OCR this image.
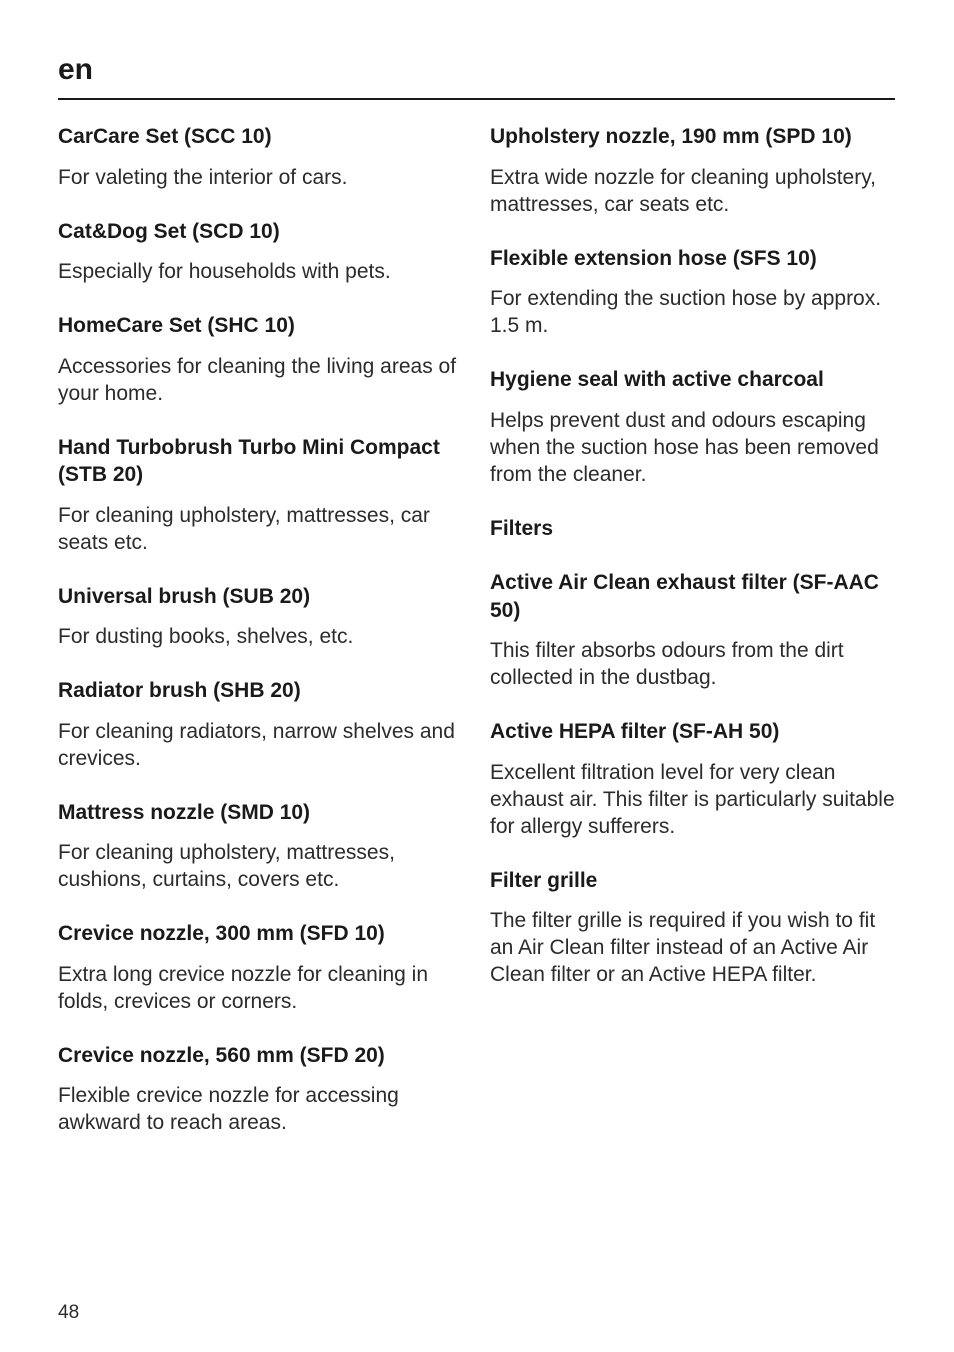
en

CarCare Set (SCC 10)

For valeting the interior of cars.

Cat&Dog Set (SCD 10)

Especially for households with pets.

HomeCare Set (SHC 10)

Accessories for cleaning the living areas of your home.

Hand Turbobrush Turbo Mini Compact (STB 20)

For cleaning upholstery, mattresses, car seats etc.

Universal brush (SUB 20)

For dusting books, shelves, etc.

Radiator brush (SHB 20)

For cleaning radiators, narrow shelves and crevices.

Mattress nozzle (SMD 10)

For cleaning upholstery, mattresses, cushions, curtains, covers etc.

Crevice nozzle, 300 mm (SFD 10)

Extra long crevice nozzle for cleaning in folds, crevices or corners.

Crevice nozzle, 560 mm (SFD 20)

Flexible crevice nozzle for accessing awkward to reach areas.

Upholstery nozzle, 190 mm (SPD 10)

Extra wide nozzle for cleaning upholstery, mattresses, car seats etc.

Flexible extension hose (SFS 10)

For extending the suction hose by approx. 1.5 m.

Hygiene seal with active charcoal

Helps prevent dust and odours escaping when the suction hose has been removed from the cleaner.

Filters

Active Air Clean exhaust filter (SF-AAC 50)

This filter absorbs odours from the dirt collected in the dustbag.

Active HEPA filter (SF-AH 50)

Excellent filtration level for very clean exhaust air. This filter is particularly suitable for allergy sufferers.

Filter grille

The filter grille is required if you wish to fit an Air Clean filter instead of an Active Air Clean filter or an Active HEPA filter.

48
